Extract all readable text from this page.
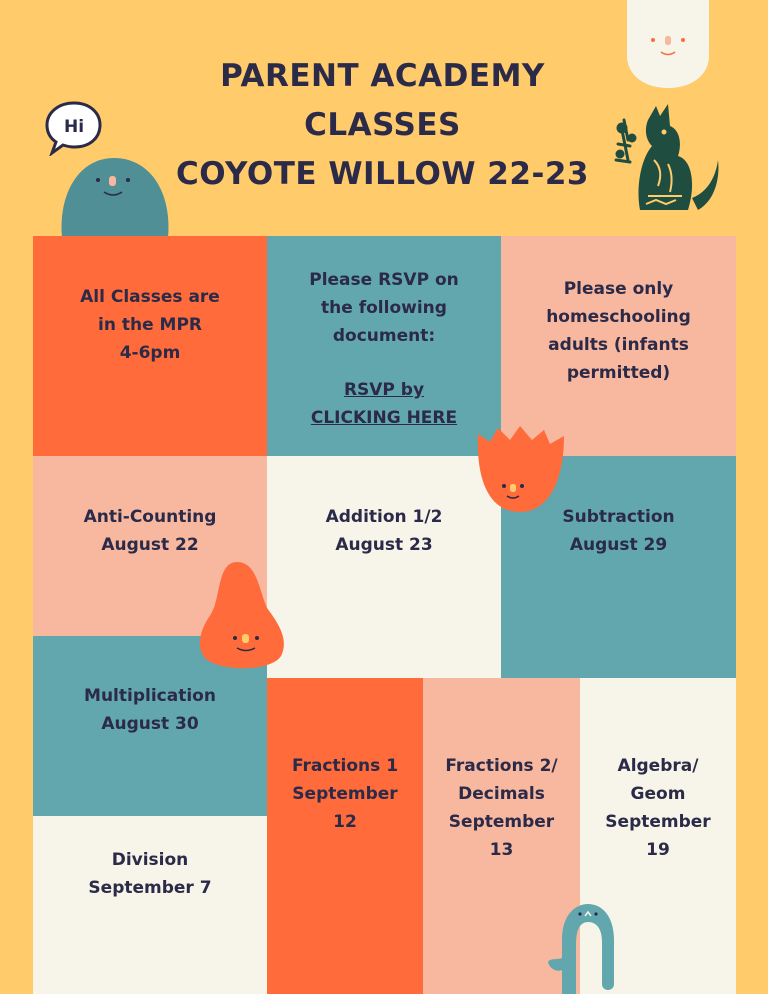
PARENT ACADEMY
CLASSES
COYOTE WILLOW 22-23
Hi
All Classes are
in the MPR
4-6pm
Please RSVP on
the following
document:
RSVP by
CLICKING HERE
Please only
homeschooling
adults (infants
permitted)
Anti-Counting
August 22
Addition 1/2
August 23
Subtraction
August 29
Multiplication
August 30
Division
September 7
Fractions 1
September
12
Fractions 2/
Decimals
September
13
Algebra/
Geom
September
19
